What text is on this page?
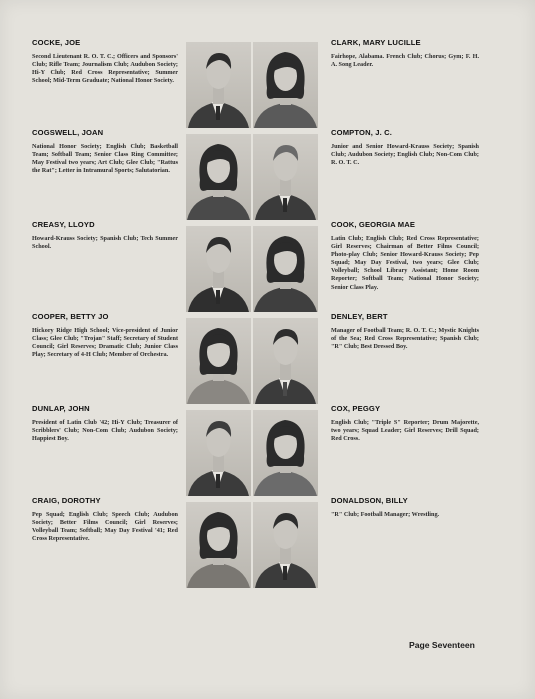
COCKE, JOE
Second Lieutenant R. O. T. C.; Officers and Sponsors' Club; Rifle Team; Journalism Club; Audubon Society; Hi-Y Club; Red Cross Representative; Summer School; Mid-Term Graduate; National Honor Society.
CLARK, MARY LUCILLE
Fairhope, Alabama. French Club; Chorus; Gym; F. H. A. Song Leader.
COGSWELL, JOAN
National Honor Society; English Club; Basketball Team; Softball Team; Senior Class Ring Committee; May Festival two years; Art Club; Glee Club; "Rattus the Rat"; Letter in Intramural Sports; Salutatorian.
COMPTON, J. C.
Junior and Senior Howard-Krauss Society; Spanish Club; Audubon Society; English Club; Non-Com Club; R. O. T. C.
CREASY, LLOYD
Howard-Krauss Society; Spanish Club; Tech Summer School.
COOK, GEORGIA MAE
Latin Club; English Club; Red Cross Representative; Girl Reserves; Chairman of Better Films Council; Photo-play Club; Senior Howard-Krauss Society; Pep Squad; May Day Festival, two years; Glee Club; Volleyball; School Library Assistant; Home Room Reporter; Softball Team; National Honor Society; Senior Class Play.
COOPER, BETTY JO
Hickory Ridge High School; Vice-president of Junior Class; Glee Club; "Trojan" Staff; Secretary of Student Council; Girl Reserves; Dramatic Club; Junior Class Play; Secretary of 4-H Club; Member of Orchestra.
DENLEY, BERT
Manager of Football Team; R. O. T. C.; Mystic Knights of the Sea; Red Cross Representative; Spanish Club; "R" Club; Best Dressed Boy.
DUNLAP, JOHN
President of Latin Club '42; Hi-Y Club; Treasurer of Scribblers' Club; Non-Com Club; Audubon Society; Happiest Boy.
COX, PEGGY
English Club; "Triple S" Reporter; Drum Majorette, two years; Squad Leader; Girl Reserves; Drill Squad; Red Cross.
CRAIG, DOROTHY
Pep Squad; English Club; Speech Club; Audubon Society; Better Films Council; Girl Reserves; Volleyball Team; Softball; May Day Festival '41; Red Cross Representative.
DONALDSON, BILLY
"R" Club; Football Manager; Wrestling.
Page Seventeen
